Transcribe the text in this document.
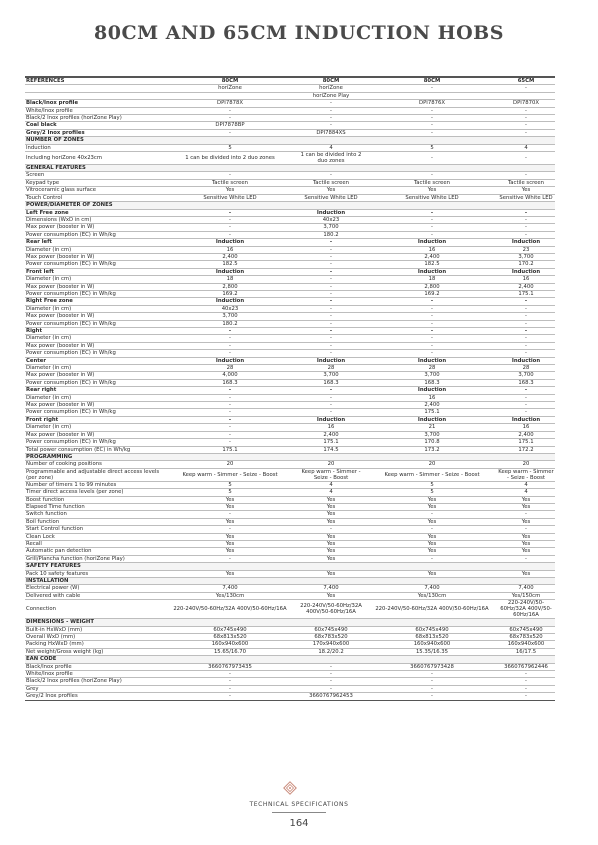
80CM AND 65CM INDUCTION HOBS
REFERENCES	80CM	80CM	80CM	65CM
	horiZone	horiZone	-	-
		horiZone Play		
Black/Inox profile	DPI7878X	-	DPI7876X	DPI7870X
White/Inox profile	-	-	-	-
Black/2 Inox profiles (horiZone Play)	-	-	-	-
Coal black	DPI7878BP	-	-	-
Grey/2 Inox profiles	-	DPI7884XS	-	-
NUMBER OF ZONES				
Induction	5	4	5	4
Including horiZone 40x23cm	1 can be divided into 2 duo zones	1 can be divided into 2 duo zones	-	-
GENERAL FEATURES				
Screen	-	-	-	-
Keypad type	Tactile screen	Tactile screen	Tactile screen	Tactile screen
Vitroceramic glass surface	Yes	Yes	Yes	Yes
Touch Control	Sensitive White LED	Sensitive White LED	Sensitive White LED	Sensitive White LED
POWER/DIAMETER OF ZONES				
Left Free zone	-	Induction	-	-
Dimensions (WxD in cm)	-	40x23	-	-
Max power (booster in W)	-	3,700	-	-
Power consumption (EC) in Wh/kg	-	180.2	-	-
Rear left	Induction	-	Induction	Induction
Diameter (in cm)	16	-	16	23
Max power (booster in W)	2,400	-	2,400	3,700
Power consumption (EC) in Wh/kg	182.5	-	182.5	170.2
Front left	Induction	-	Induction	Induction
Diameter (in cm)	18	-	18	16
Max power (booster in W)	2,800	-	2,800	2,400
Power consumption (EC) in Wh/kg	169.2	-	169.2	175.1
Right Free zone	Induction	-	-	-
Diameter (in cm)	40x23	-	-	-
Max power (booster in W)	3,700	-	-	-
Power consumption (EC) in Wh/kg	180.2	-	-	-
Right	-	-	-	-
Diameter (in cm)	-	-	-	-
Max power (booster in W)	-	-	-	-
Power consumption (EC) in Wh/kg	-	-	-	-
Center	Induction	Induction	Induction	Induction
Diameter (in cm)	28	28	28	28
Max power (booster in W)	4,000	3,700	3,700	3,700
Power consumption (EC) in Wh/kg	168.3	168.3	168.3	168.3
Rear right	-	-	Induction	-
Diameter (in cm)	-	-	16	-
Max power (booster in W)	-	-	2,400	-
Power consumption (EC) in Wh/kg	-	-	175.1	-
Front right	-	Induction	Induction	Induction
Diameter (in cm)	-	16	21	16
Max power (booster in W)	-	2,400	3,700	2,400
Power consumption (EC) in Wh/kg	-	175.1	170.8	175.1
Total power consumption (EC) in Wh/kg	175.1	174.5	173.2	172.2
PROGRAMMING				
Number of cooking positions	20	20	20	20
Programmable and adjustable direct access levels (per zone)	Keep warm - Simmer - Seize - Boost	Keep warm - Simmer - Seize - Boost	Keep warm - Simmer - Seize - Boost	Keep warm - Simmer - Seize - Boost
Number of timers 1 to 99 minutes	5	4	5	4
Timer direct access levels (per zone)	5	4	5	4
Boost function	Yes	Yes	Yes	Yes
Elapsed Time function	Yes	Yes	Yes	Yes
Switch function	-	Yes	-	-
Boil function	Yes	Yes	Yes	Yes
Start Control function	-	-	-	-
Clean Lock	Yes	Yes	Yes	Yes
Recall	Yes	Yes	Yes	Yes
Automatic pan detection	Yes	Yes	Yes	Yes
Grill/Plancha function (horiZone Play)	-	Yes	-	-
SAFETY FEATURES				
Pack 10 safety features	Yes	Yes	Yes	Yes
INSTALLATION				
Electrical power (W)	7,400	7,400	7,400	7,400
Delivered with cable	Yes/130cm	Yes	Yes/130cm	Yes/150cm
Connection	220-240V/50-60Hz/32A 400V/50-60Hz/16A	220-240V/50-60Hz/32A 400V/50-60Hz/16A	220-240V/50-60Hz/32A 400V/50-60Hz/16A	220-240V/50-60Hz/32A 400V/50-60Hz/16A
DIMENSIONS - WEIGHT				
Built-in HxWxD (mm)	60x745x490	60x745x490	60x745x490	60x745x490
Overall WxD (mm)	68x813x520	68x783x520	68x813x520	68x783x520
Packing HxWxD (mm)	160x940x600	170x940x600	160x940x600	160x940x600
Net weight/Gross weight (kg)	15.65/16.70	18.2/20.2	15.35/16.35	16/17.5
EAN CODE				
Black/Inox profile	3660767973435	-	3660767973428	3660767962446
White/Inox profile	-	-	-	-
Black/2 Inox profiles (horiZone Play)	-	-	-	-
Grey	-	-	-	-
Grey/2 Inox profiles	-	3660767962453	-	-
TECHNICAL SPECIFICATIONS
164
